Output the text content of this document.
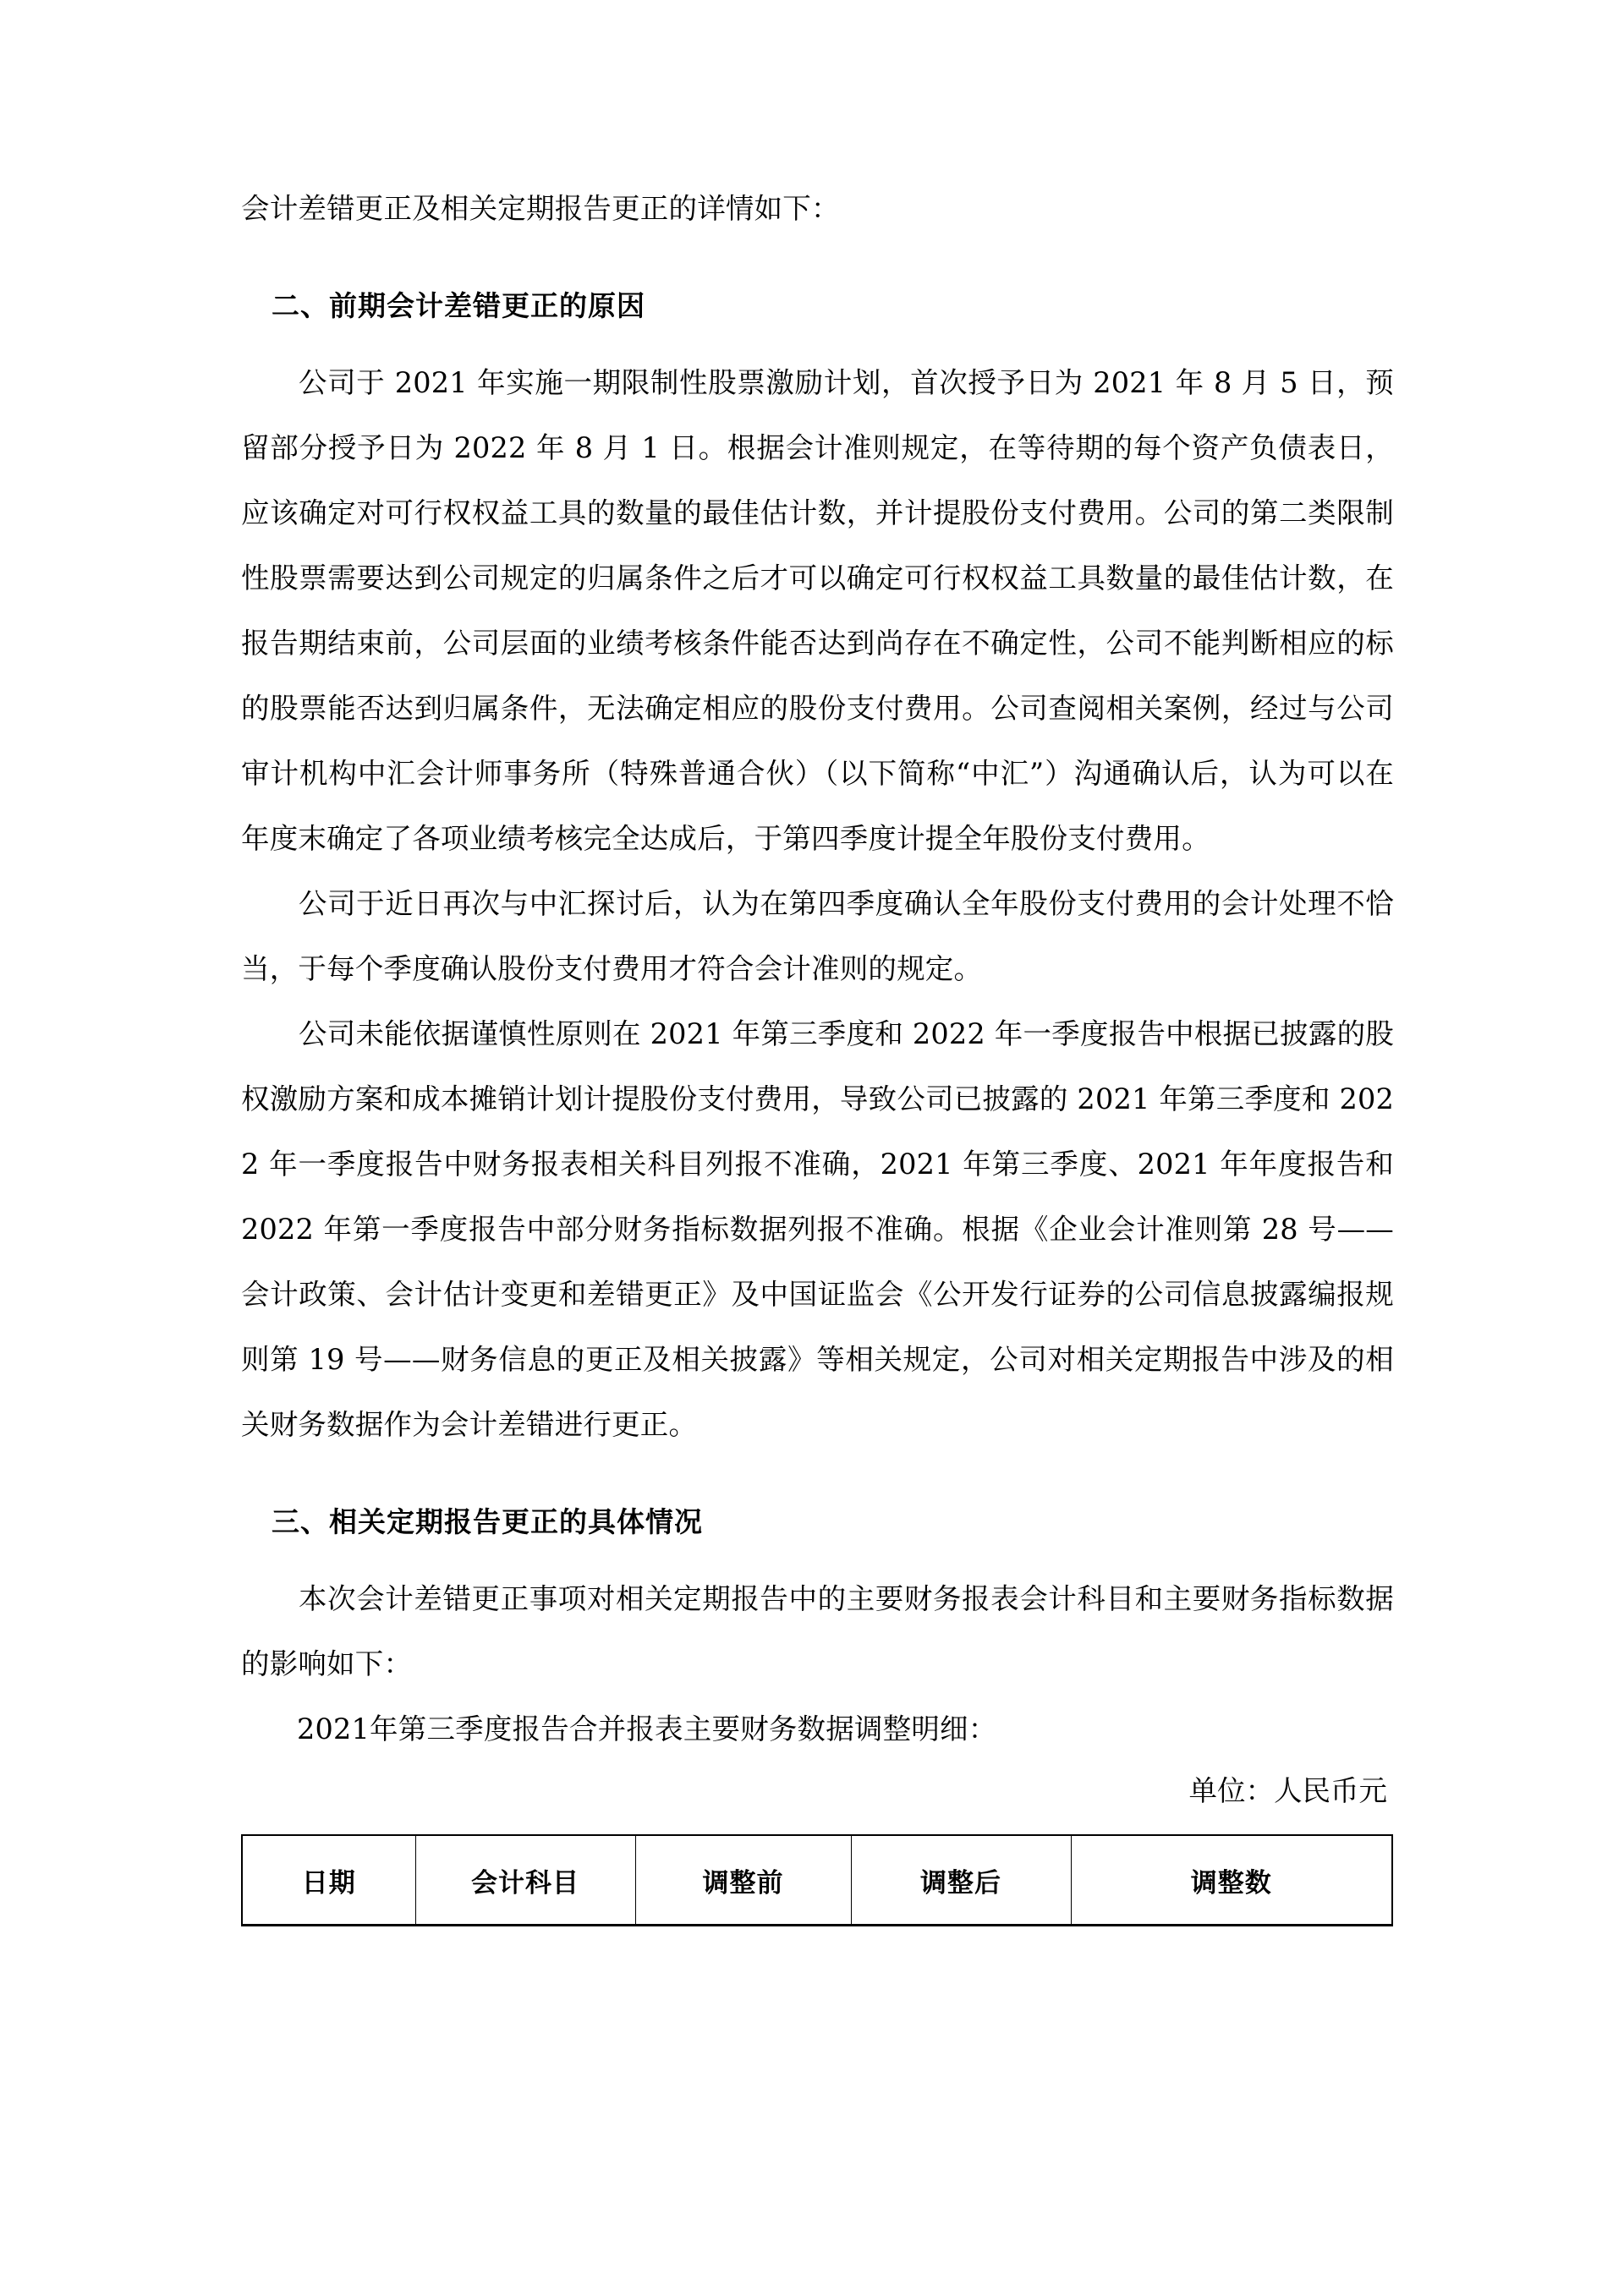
会计差错更正及相关定期报告更正的详情如下：

二、前期会计差错更正的原因

公司于 2021 年实施一期限制性股票激励计划，首次授予日为 2021 年 8 月 5 日，预留部分授予日为 2022 年 8 月 1 日。根据会计准则规定，在等待期的每个资产负债表日，应该确定对可行权权益工具的数量的最佳估计数，并计提股份支付费用。公司的第二类限制性股票需要达到公司规定的归属条件之后才可以确定可行权权益工具数量的最佳估计数，在报告期结束前，公司层面的业绩考核条件能否达到尚存在不确定性，公司不能判断相应的标的股票能否达到归属条件，无法确定相应的股份支付费用。公司查阅相关案例，经过与公司审计机构中汇会计师事务所（特殊普通合伙）（以下简称“中汇”）沟通确认后，认为可以在年度末确定了各项业绩考核完全达成后，于第四季度计提全年股份支付费用。

公司于近日再次与中汇探讨后，认为在第四季度确认全年股份支付费用的会计处理不恰当，于每个季度确认股份支付费用才符合会计准则的规定。

公司未能依据谨慎性原则在 2021 年第三季度和 2022 年一季度报告中根据已披露的股权激励方案和成本摊销计划计提股份支付费用，导致公司已披露的 2021 年第三季度和 2022 年一季度报告中财务报表相关科目列报不准确，2021 年第三季度、2021 年年度报告和 2022 年第一季度报告中部分财务指标数据列报不准确。根据《企业会计准则第 28 号——会计政策、会计估计变更和差错更正》及中国证监会《公开发行证券的公司信息披露编报规则第 19 号——财务信息的更正及相关披露》等相关规定，公司对相关定期报告中涉及的相关财务数据作为会计差错进行更正。

三、相关定期报告更正的具体情况

本次会计差错更正事项对相关定期报告中的主要财务报表会计科目和主要财务指标数据的影响如下：

2021年第三季度报告合并报表主要财务数据调整明细：

单位：人民币元

日期	会计科目	调整前	调整后	调整数
